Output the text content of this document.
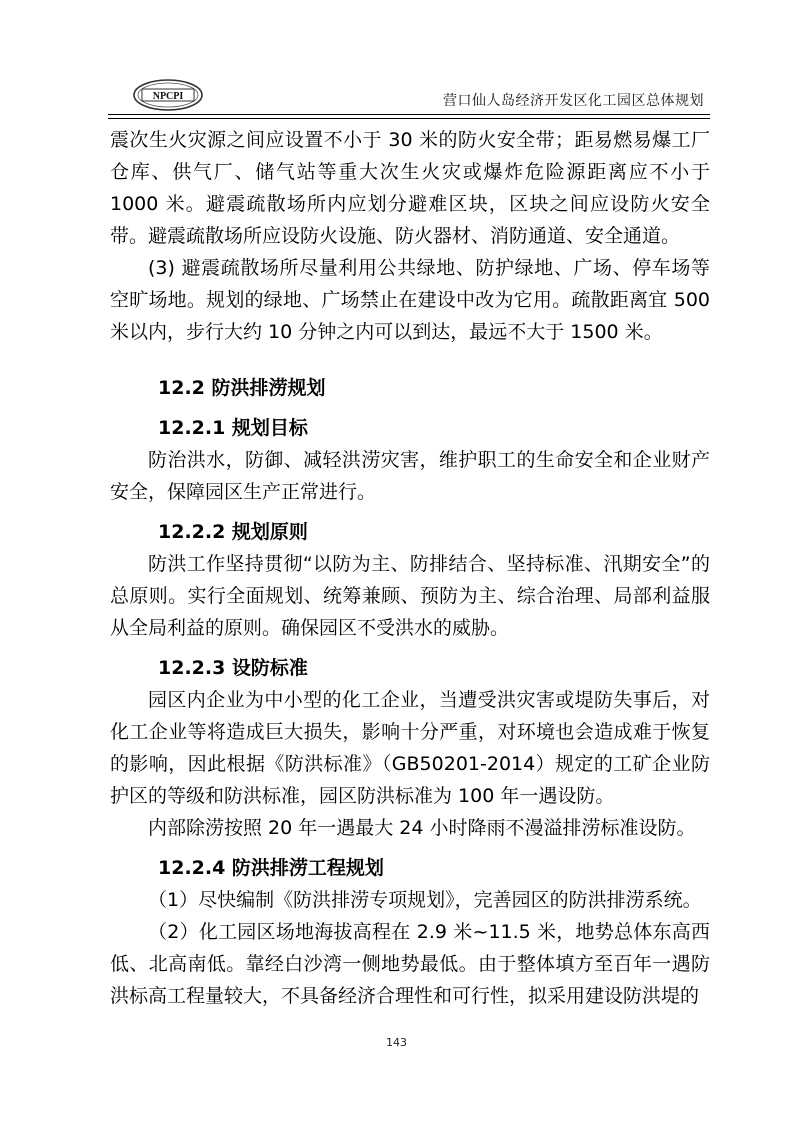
NPCPI	营口仙人岛经济开发区化工园区总体规划

震次生火灾源之间应设置不小于 30 米的防火安全带；距易燃易爆工厂仓库、供气厂、储气站等重大次生火灾或爆炸危险源距离应不小于 1000 米。避震疏散场所内应划分避难区块，区块之间应设防火安全带。避震疏散场所应设防火设施、防火器材、消防通道、安全通道。

(3) 避震疏散场所尽量利用公共绿地、防护绿地、广场、停车场等空旷场地。规划的绿地、广场禁止在建设中改为它用。疏散距离宜 500 米以内，步行大约 10 分钟之内可以到达，最远不大于 1500 米。

12.2 防洪排涝规划
12.2.1 规划目标

防治洪水，防御、减轻洪涝灾害，维护职工的生命安全和企业财产安全，保障园区生产正常进行。

12.2.2 规划原则

防洪工作坚持贯彻“以防为主、防排结合、坚持标准、汛期安全”的总原则。实行全面规划、统筹兼顾、预防为主、综合治理、局部利益服从全局利益的原则。确保园区不受洪水的威胁。

12.2.3 设防标准

园区内企业为中小型的化工企业，当遭受洪灾害或堤防失事后，对化工企业等将造成巨大损失，影响十分严重，对环境也会造成难于恢复的影响，因此根据《防洪标准》（GB50201-2014）规定的工矿企业防护区的等级和防洪标准，园区防洪标准为 100 年一遇设防。

内部除涝按照 20 年一遇最大 24 小时降雨不漫溢排涝标准设防。

12.2.4 防洪排涝工程规划

（1）尽快编制《防洪排涝专项规划》，完善园区的防洪排涝系统。

（2）化工园区场地海拔高程在 2.9 米~11.5 米，地势总体东高西低、北高南低。靠经白沙湾一侧地势最低。由于整体填方至百年一遇防洪标高工程量较大，不具备经济合理性和可行性，拟采用建设防洪堤的

143
